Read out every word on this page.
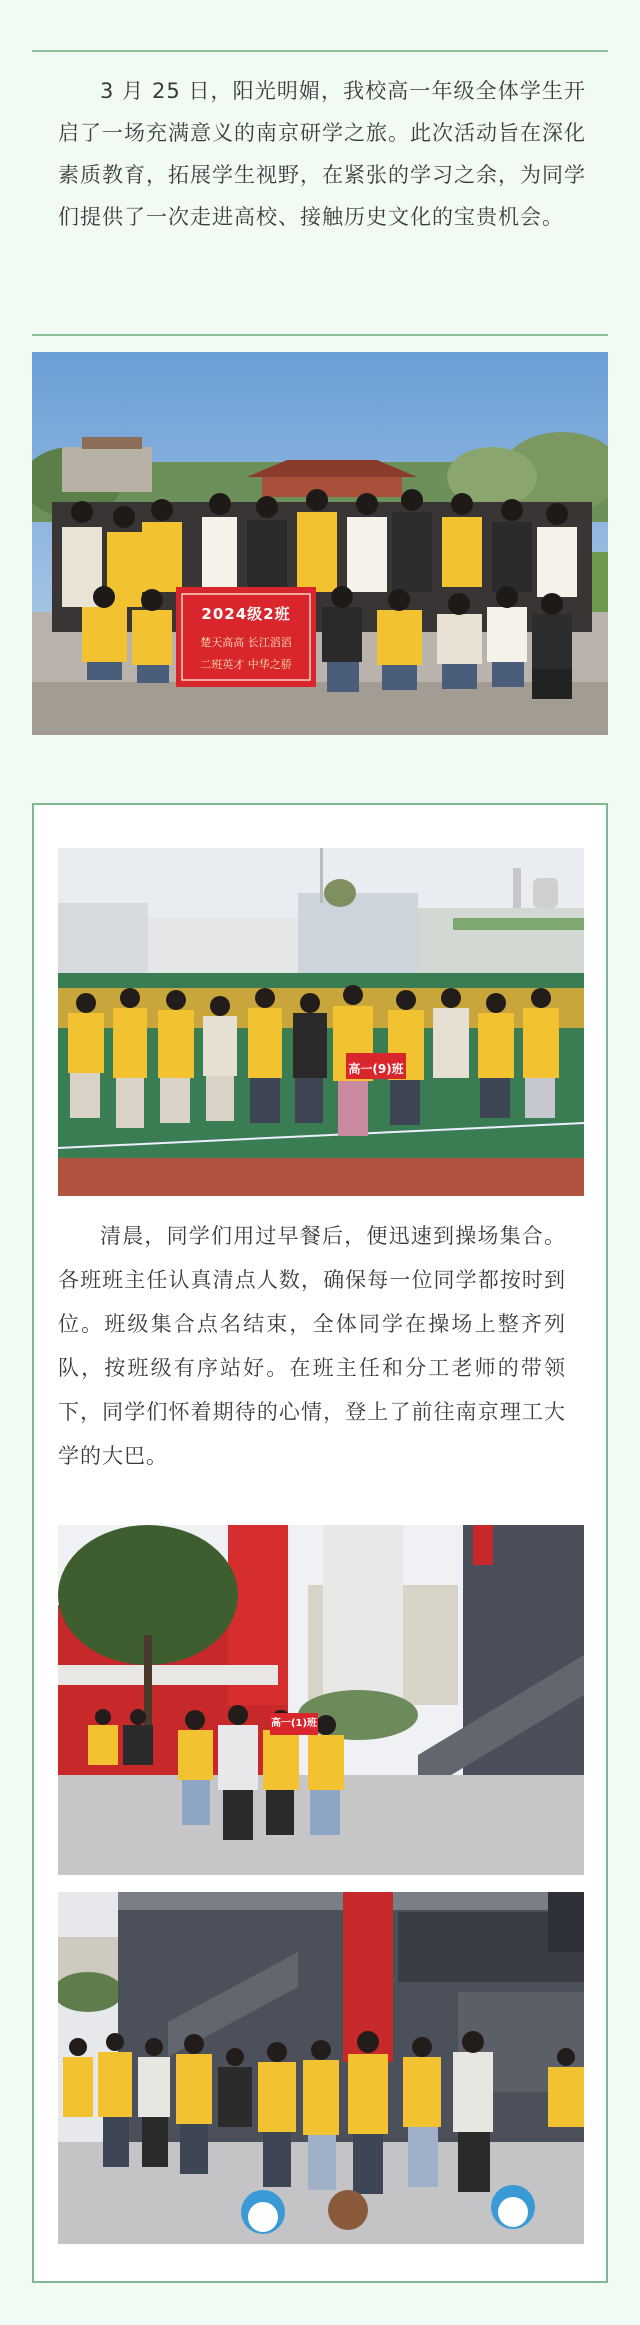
3 月 25 日，阳光明媚，我校高一年级全体学生开启了一场充满意义的南京研学之旅。此次活动旨在深化素质教育，拓展学生视野，在紧张的学习之余，为同学们提供了一次走进高校、接触历史文化的宝贵机会。

2024级2班
楚天高高 长江滔滔
二班英才 中华之骄
高一(9)班

清晨，同学们用过早餐后，便迅速到操场集合。各班班主任认真清点人数，确保每一位同学都按时到位。班级集合点名结束，全体同学在操场上整齐列队，按班级有序站好。在班主任和分工老师的带领下，同学们怀着期待的心情，登上了前往南京理工大学的大巴。

高一(1)班
